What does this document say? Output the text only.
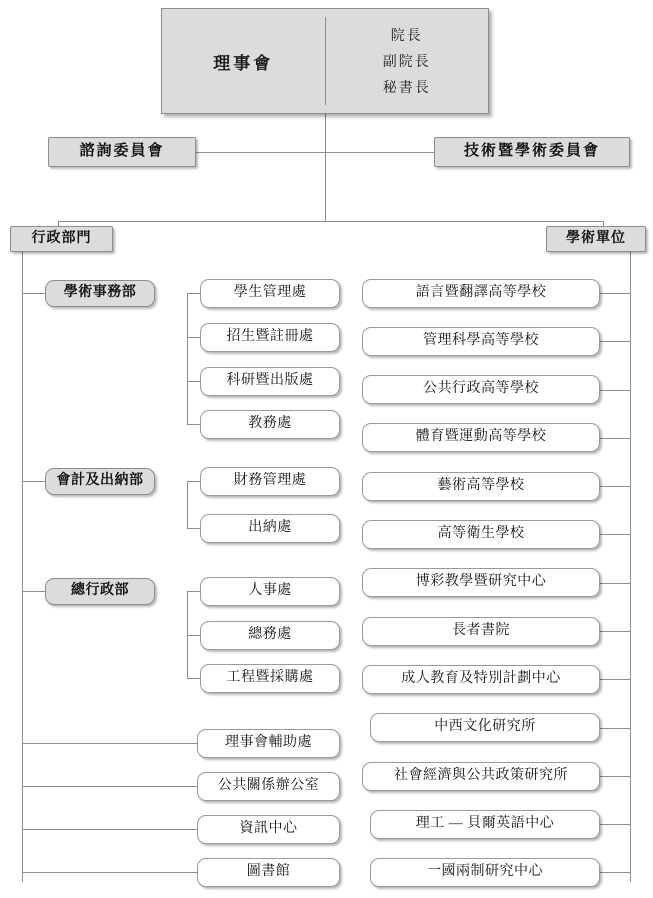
理事會
院長
副院長
秘書長
諮詢委員會	技術暨學術委員會
行政部門	學術單位
學術事務部
會計及出納部
總行政部
學生管理處
招生暨註冊處
科研暨出版處
教務處
財務管理處
出納處
人事處
總務處
工程暨採購處
理事會輔助處
公共關係辦公室
資訊中心
圖書館
語言暨翻譯高等學校
管理科學高等學校
公共行政高等學校
體育暨運動高等學校
藝術高等學校
高等衛生學校
博彩教學暨研究中心
長者書院
成人教育及特別計劃中心
中西文化研究所
社會經濟與公共政策研究所
理工 — 貝爾英語中心
一國兩制研究中心
